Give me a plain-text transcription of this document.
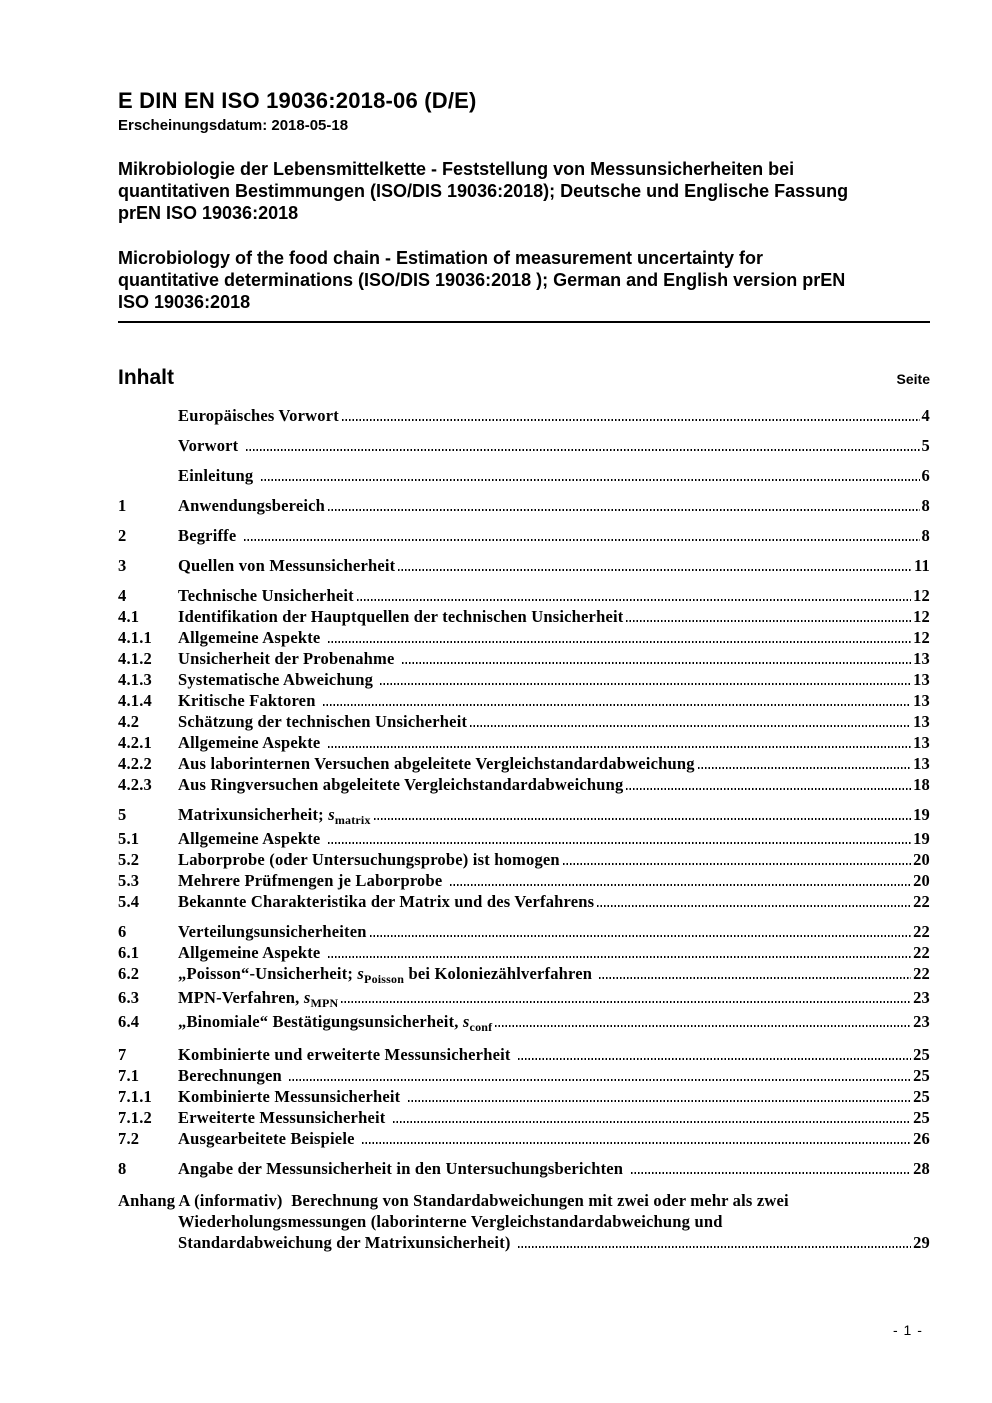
E DIN EN ISO 19036:2018-06 (D/E)
Erscheinungsdatum: 2018-05-18
Mikrobiologie der Lebensmittelkette - Feststellung von Messunsicherheiten bei
quantitativen Bestimmungen (ISO/DIS 19036:2018); Deutsche und Englische Fassung
prEN ISO 19036:2018
Microbiology of the food chain - Estimation of measurement uncertainty for
quantitative determinations (ISO/DIS 19036:2018 ); German and English version prEN
ISO 19036:2018
Inhalt	Seite
Europäisches Vorwort	4
Vorwort	5
Einleitung	6
1	Anwendungsbereich	8
2	Begriffe	8
3	Quellen von Messunsicherheit	11
4	Technische Unsicherheit	12
4.1	Identifikation der Hauptquellen der technischen Unsicherheit	12
4.1.1	Allgemeine Aspekte	12
4.1.2	Unsicherheit der Probenahme	13
4.1.3	Systematische Abweichung	13
4.1.4	Kritische Faktoren	13
4.2	Schätzung der technischen Unsicherheit	13
4.2.1	Allgemeine Aspekte	13
4.2.2	Aus laborinternen Versuchen abgeleitete Vergleichstandardabweichung	13
4.2.3	Aus Ringversuchen abgeleitete Vergleichstandardabweichung	18
5	Matrixunsicherheit; $s_{matrix}$	19
5.1	Allgemeine Aspekte	19
5.2	Laborprobe (oder Untersuchungsprobe) ist homogen	20
5.3	Mehrere Prüfmengen je Laborprobe	20
5.4	Bekannte Charakteristika der Matrix und des Verfahrens	22
6	Verteilungsunsicherheiten	22
6.1	Allgemeine Aspekte	22
6.2	„Poisson“-Unsicherheit; $s_{Poisson}$ bei Koloniezählverfahren	22
6.3	MPN-Verfahren, $s_{MPN}$	23
6.4	„Binomiale“ Bestätigungsunsicherheit, $s_{conf}$	23
7	Kombinierte und erweiterte Messunsicherheit	25
7.1	Berechnungen	25
7.1.1	Kombinierte Messunsicherheit	25
7.1.2	Erweiterte Messunsicherheit	25
7.2	Ausgearbeitete Beispiele	26
8	Angabe der Messunsicherheit in den Untersuchungsberichten	28
Anhang A (informativ)  Berechnung von Standardabweichungen mit zwei oder mehr als zwei
Wiederholungsmessungen (laborinterne Vergleichstandardabweichung und
Standardabweichung der Matrixunsicherheit)	29
- 1 -
